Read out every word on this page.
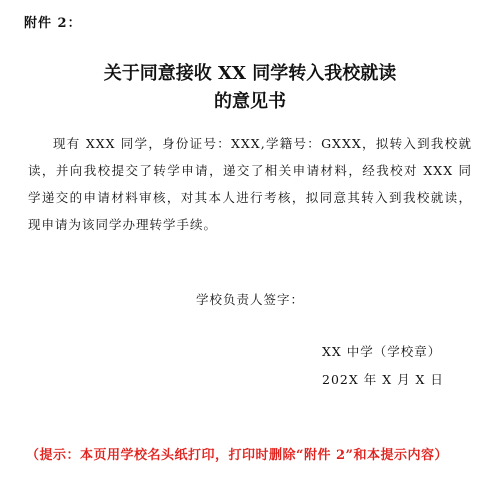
附件 2：
关于同意接收 XX 同学转入我校就读
的意见书
现有 XXX 同学，身份证号：XXX,学籍号：GXXX，拟转入到我校就读，并向我校提交了转学申请，递交了相关申请材料，经我校对 XXX 同学递交的申请材料审核，对其本人进行考核，拟同意其转入到我校就读，现申请为该同学办理转学手续。
学校负责人签字：
XX 中学（学校章）
202X 年 X 月 X 日
（提示：本页用学校名头纸打印，打印时删除“附件 2”和本提示内容）
